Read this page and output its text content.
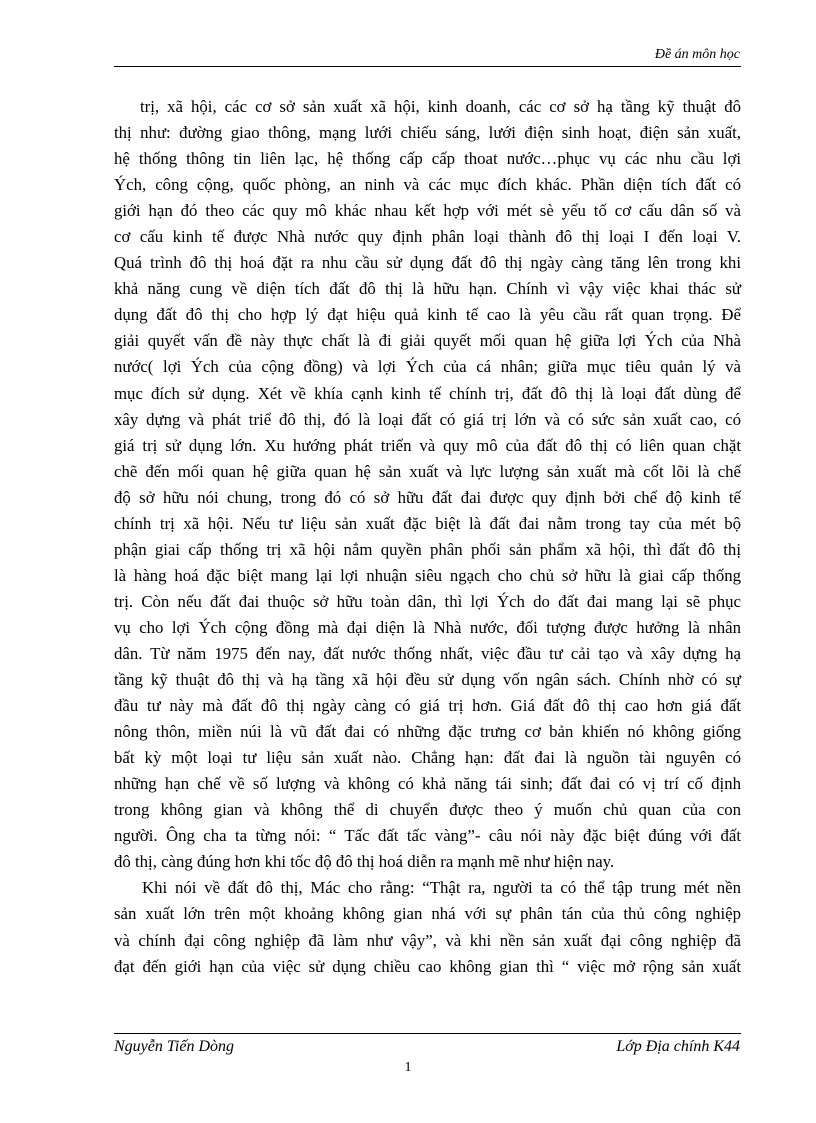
Đề án môn học

trị, xã hội, các cơ sở sản xuất xã hội, kinh doanh, các cơ sở hạ tầng kỹ thuật đô
thị như: đường giao thông, mạng lưới chiếu sáng, lưới điện sinh hoạt, điện sản xuất,
hệ thống thông tin liên lạc, hệ thống cấp cấp thoat nước…phục vụ các nhu cầu lợi
Ých, công cộng, quốc phòng, an ninh và các mục đích khác. Phần diện tích đất có
giới hạn đó theo các quy mô khác nhau kết hợp với mét sè yếu tố cơ cấu dân số và
cơ cấu kinh tế được Nhà nước quy định phân loại thành đô thị loại I đến loại V.
Quá trình đô thị hoá đặt ra nhu cầu sử dụng đất đô thị ngày càng tăng lên trong khi
khả năng cung về diện tích đất đô thị là hữu hạn. Chính vì vậy việc khai thác sử
dụng đất đô thị cho hợp lý đạt hiệu quả kinh tế cao là yêu cầu rất quan trọng. Để
giải quyết vấn đề này thực chất là đi giải quyết mối quan hệ giữa lợi Ých của Nhà
nước( lợi Ých của cộng đồng) và lợi Ých của cá nhân; giữa mục tiêu quản lý và
mục đích sử dụng. Xét về khía cạnh kinh tế chính trị, đất đô thị là loại đất dùng để
xây dựng và phát triể đô thị, đó là loại đất có giá trị lớn và có sức sản xuất cao, có
giá trị sử dụng lớn. Xu hướng phát triển và quy mô của đất đô thị có liên quan chặt
chẽ đến mối quan hệ giữa quan hệ sản xuất và lực lượng sản xuất mà cốt lõi là chế
độ sở hữu nói chung, trong đó có sở hữu đất đai được quy định bởi chế độ kinh tế
chính trị xã hội. Nếu tư liệu sản xuất đặc biệt là đất đai nằm trong tay của mét bộ
phận giai cấp thống trị xã hội nắm quyền phân phối sản phẩm xã hội, thì đất đô thị
là hàng hoá đặc biệt mang lại lợi nhuận siêu ngạch cho chủ sở hữu là giai cấp thống
trị. Còn nếu đất đai thuộc sở hữu toàn dân, thì lợi Ých do đất đai mang lại sẽ phục
vụ cho lợi Ých cộng đồng mà đại diện là Nhà nước, đối tượng được hưởng là nhân
dân. Từ năm 1975 đến nay, đất nước thống nhất, việc đầu tư cải tạo và xây dựng hạ
tầng kỹ thuật đô thị và hạ tầng xã hội đều sử dụng vốn ngân sách. Chính nhờ có sự
đầu tư này mà đất đô thị ngày càng có giá trị hơn. Giá đất đô thị cao hơn giá đất
nông thôn, miền núi là vũ đất đai có những đặc trưng cơ bản khiến nó không giống
bất kỳ một loại tư liệu sản xuất nào. Chẳng hạn: đất đai là nguồn tài nguyên có
những hạn chế về số lượng và không có khả năng tái sinh; đất đai có vị trí cố định
trong không gian và không thể di chuyển được theo ý muốn chủ quan của con
người. Ông cha ta từng nói: “ Tấc đất tấc vàng”- câu nói này đặc biệt đúng với đất
đô thị, càng đúng hơn khi tốc độ đô thị hoá diễn ra mạnh mẽ như hiện nay.

Khi nói về đất đô thị, Mác cho rằng: “Thật ra, người ta có thể tập trung mét nền
sản xuất lớn trên một khoảng không gian nhá với sự phân tán của thủ công nghiệp
và chính đại công nghiệp đã làm như vậy”, và khi nền sản xuất đại công nghiệp đã
đạt đến giới hạn của việc sử dụng chiều cao không gian thì “ việc mở rộng sản xuất

Nguyễn Tiến Dòng	Lớp Địa chính K44
1
